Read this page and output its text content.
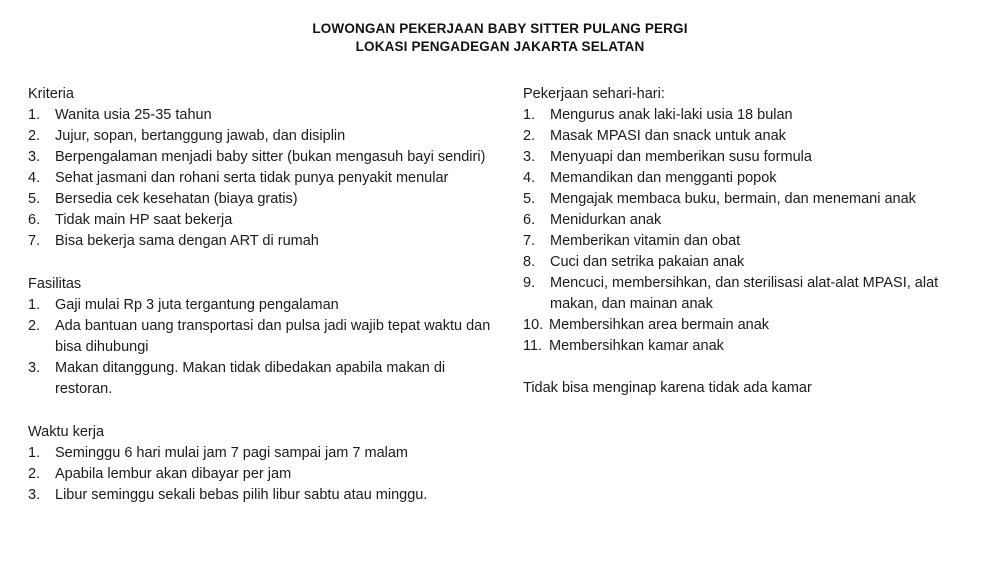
LOWONGAN PEKERJAAN BABY SITTER PULANG PERGI
LOKASI PENGADEGAN JAKARTA SELATAN
Kriteria
1.	Wanita usia 25-35 tahun
2.	Jujur, sopan, bertanggung jawab, dan disiplin
3.	Berpengalaman menjadi baby sitter (bukan mengasuh bayi sendiri)
4.	Sehat jasmani dan rohani serta tidak punya penyakit menular
5.	Bersedia cek kesehatan (biaya gratis)
6.	Tidak main HP saat bekerja
7.	Bisa bekerja sama dengan ART di rumah
Fasilitas
1.	Gaji mulai Rp 3 juta tergantung pengalaman
2.	Ada bantuan uang transportasi dan pulsa jadi wajib tepat waktu dan bisa dihubungi
3.	Makan ditanggung. Makan tidak dibedakan apabila makan di restoran.
Waktu kerja
1.	Seminggu 6 hari mulai jam 7 pagi sampai jam 7 malam
2.	Apabila lembur akan dibayar per jam
3.	Libur seminggu sekali bebas pilih libur sabtu atau minggu.
Pekerjaan sehari-hari:
1.	Mengurus anak laki-laki usia 18 bulan
2.	Masak MPASI dan snack untuk anak
3.	Menyuapi dan memberikan susu formula
4.	Memandikan dan mengganti popok
5.	Mengajak membaca buku, bermain, dan menemani anak
6.	Menidurkan anak
7.	Memberikan vitamin dan obat
8.	Cuci dan setrika pakaian anak
9.	Mencuci, membersihkan, dan sterilisasi alat-alat MPASI, alat makan, dan mainan anak
10. Membersihkan area bermain anak
11. Membersihkan kamar anak
Tidak bisa menginap karena tidak ada kamar
